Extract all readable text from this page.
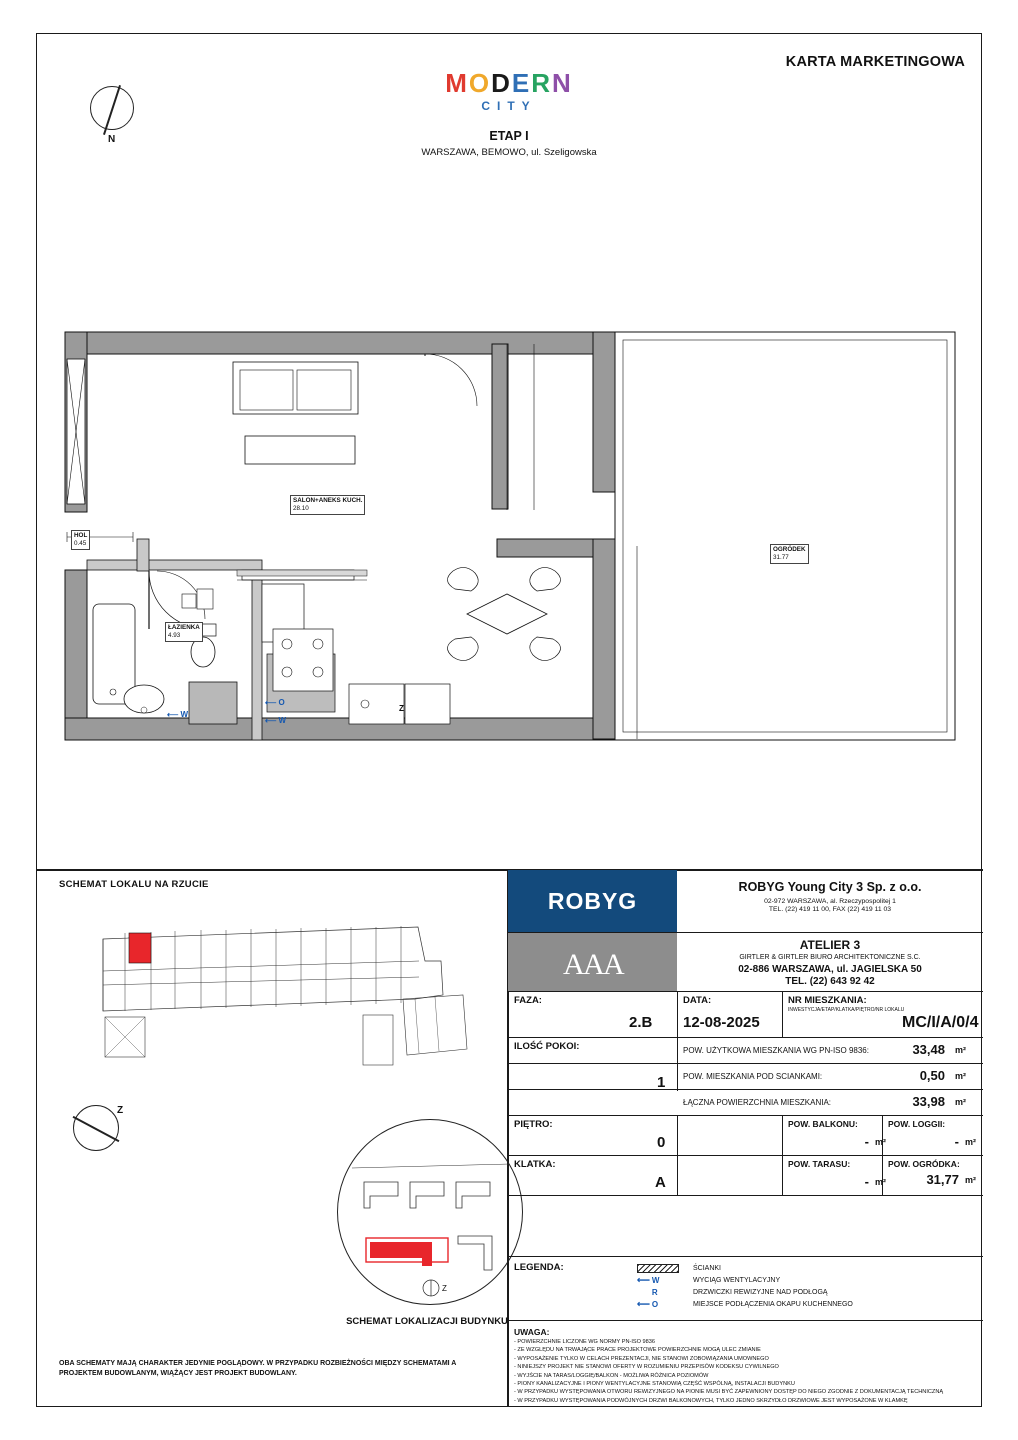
KARTA MARKETINGOWA
N
MODERN
CITY
ETAP I
WARSZAWA, BEMOWO, ul. Szeligowska
SALON+ANEKS KUCH.
28.10
HOL
0.45
ŁAZIENKA
4.93
OGRÓDEK
31.77
⟵ O
⟵ W
⟵ W
Z
SCHEMAT LOKALU NA RZUCIE
Z
Z
SCHEMAT LOKALIZACJI BUDYNKU
OBA SCHEMATY MAJĄ CHARAKTER JEDYNIE POGLĄDOWY. W PRZYPADKU ROZBIEŻNOŚCI MIĘDZY SCHEMATAMI A PROJEKTEM BUDOWLANYM, WIĄŻĄCY JEST PROJEKT BUDOWLANY.
ROBYG
ROBYG Young City 3 Sp. z o.o.
02-972 WARSZAWA, al. Rzeczypospolitej 1
TEL. (22) 419 11 00, FAX (22) 419 11 03
A
A
A
ATELIER 3
GIRTLER & GIRTLER BIURO ARCHITEKTONICZNE S.C.
02-886 WARSZAWA, ul. JAGIELSKA 50
TEL. (22) 643 92 42
FAZA:
2.B
DATA:
12-08-2025
NR MIESZKANIA:
INWESTYCJA/ETAP/KLATKA/PIĘTRO/NR LOKALU
MC/I/A/0/4
ILOŚĆ POKOI:
1
POW. UŻYTKOWA MIESZKANIA WG PN-ISO 9836:	33,48 m²
POW. MIESZKANIA POD SCIANKAMI:	0,50 m²
ŁĄCZNA POWIERZCHNIA MIESZKANIA:	33,98 m²
PIĘTRO:
0
POW. BALKONU:
- m²
POW. LOGGII:
- m²
KLATKA:
A
POW. TARASU:
- m²
POW. OGRÓDKA:
31,77 m²
LEGENDA:	ŚCIANKI
⟵ W	WYCIĄG WENTYLACYJNY
R	DRZWICZKI REWIZYJNE NAD PODŁOGĄ
⟵ O	MIEJSCE PODŁĄCZENIA OKAPU KUCHENNEGO
UWAGA:
- POWIERZCHNIE LICZONE WG NORMY PN-ISO 9836
- ZE WZGLĘDU NA TRWAJĄCE PRACE PROJEKTOWE POWIERZCHNIE MOGĄ ULEC ZMIANIE
- WYPOSAŻENIE TYLKO W CELACH PREZENTACJI, NIE STANOWI ZOBOWIĄZANIA UMOWNEGO
- NINIEJSZY PROJEKT NIE STANOWI OFERTY W ROZUMIENIU PRZEPISÓW KODEKSU CYWILNEGO
- WYJŚCIE NA TARAS/LOGGIĘ/BALKON - MOŻLIWA RÓŻNICA POZIOMÓW
- PIONY KANALIZACYJNE I PIONY WENTYLACYJNE STANOWIĄ CZĘŚĆ WSPÓLNĄ, INSTALACJI BUDYNKU
- W PRZYPADKU WYSTĘPOWANIA OTWORU REWIZYJNEGO NA PIONIE MUSI BYĆ ZAPEWNIONY DOSTĘP DO NIEGO ZGODNIE Z DOKUMENTACJĄ TECHNICZNĄ
- W PRZYPADKU WYSTĘPOWANIA PODWÓJNYCH DRZWI BALKONOWYCH, TYLKO JEDNO SKRZYDŁO DRZWIOWE JEST WYPOSAŻONE W KLAMKĘ
